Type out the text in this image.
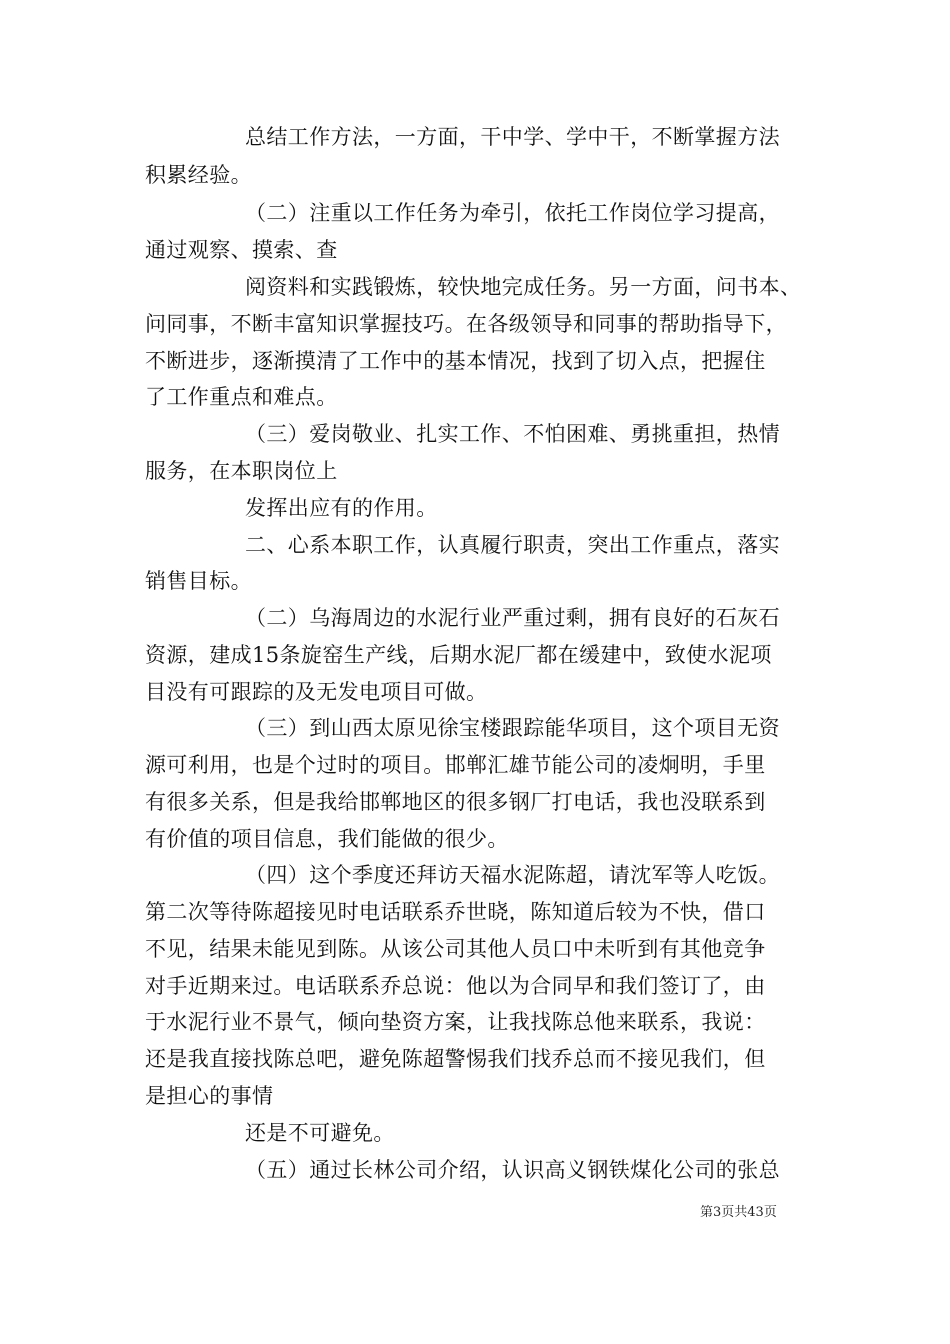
总结工作方法，一方面，干中学、学中干，不断掌握方法
积累经验。
（二）注重以工作任务为牵引，依托工作岗位学习提高，
通过观察、摸索、查
阅资料和实践锻炼，较快地完成任务。另一方面，问书本、
问同事，不断丰富知识掌握技巧。在各级领导和同事的帮助指导下，
不断进步，逐渐摸清了工作中的基本情况，找到了切入点，把握住
了工作重点和难点。
（三）爱岗敬业、扎实工作、不怕困难、勇挑重担，热情
服务，在本职岗位上
发挥出应有的作用。
二、心系本职工作，认真履行职责，突出工作重点，落实
销售目标。
（二）乌海周边的水泥行业严重过剩，拥有良好的石灰石
资源，建成15条旋窑生产线，后期水泥厂都在缓建中，致使水泥项
目没有可跟踪的及无发电项目可做。
（三）到山西太原见徐宝楼跟踪能华项目，这个项目无资
源可利用，也是个过时的项目。邯郸汇雄节能公司的凌炯明，手里
有很多关系，但是我给邯郸地区的很多钢厂打电话，我也没联系到
有价值的项目信息，我们能做的很少。
（四）这个季度还拜访天福水泥陈超，请沈军等人吃饭。
第二次等待陈超接见时电话联系乔世晓，陈知道后较为不快，借口
不见，结果未能见到陈。从该公司其他人员口中未听到有其他竞争
对手近期来过。电话联系乔总说：他以为合同早和我们签订了，由
于水泥行业不景气，倾向垫资方案，让我找陈总他来联系，我说：
还是我直接找陈总吧，避免陈超警惕我们找乔总而不接见我们，但
是担心的事情
还是不可避免。
（五）通过长林公司介绍，认识高义钢铁煤化公司的张总
第3页共43页
